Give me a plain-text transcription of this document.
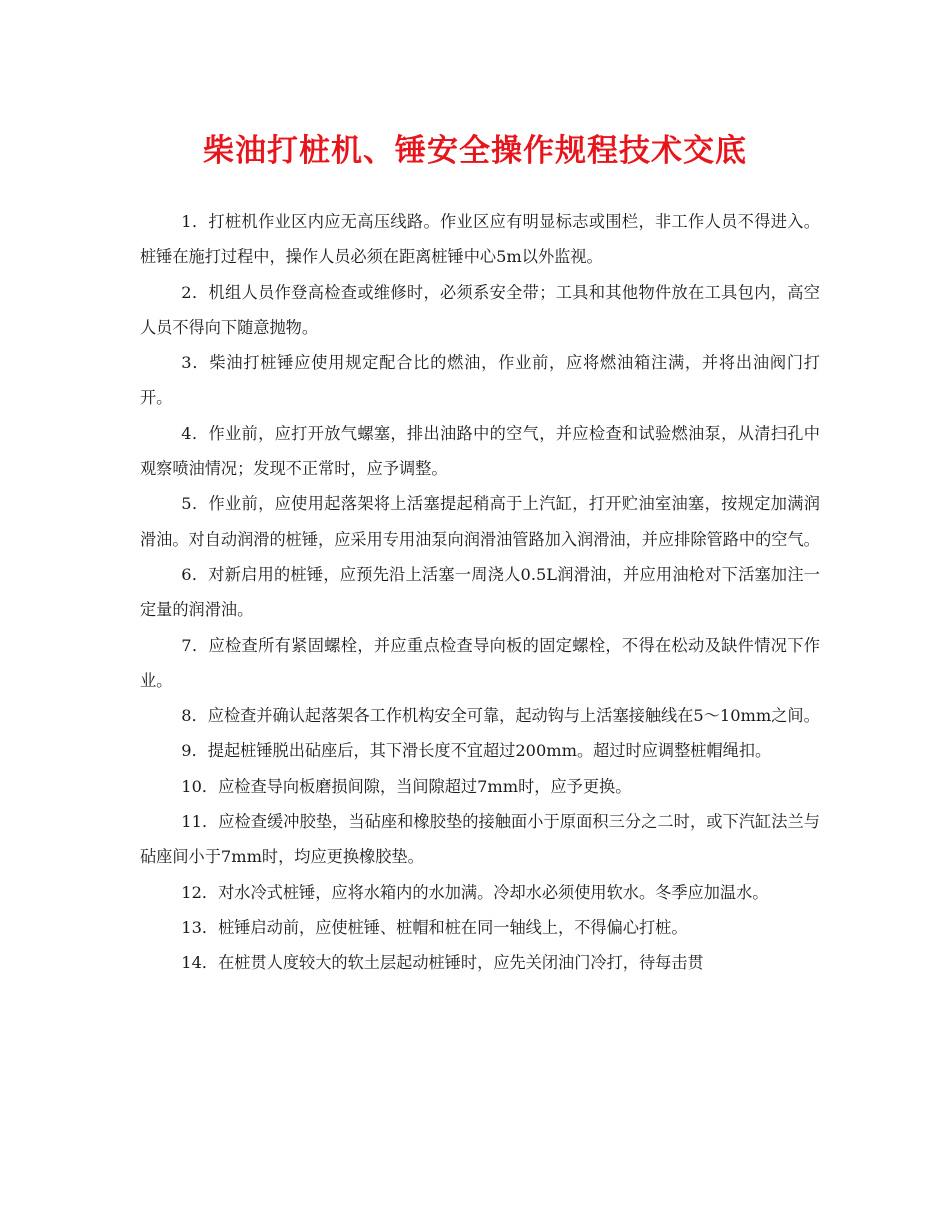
柴油打桩机、锤安全操作规程技术交底

1．打桩机作业区内应无高压线路。作业区应有明显标志或围栏，非工作人员不得进入。桩锤在施打过程中，操作人员必须在距离桩锤中心5m以外监视。

2．机组人员作登高检查或维修时，必须系安全带；工具和其他物件放在工具包内，高空人员不得向下随意抛物。

3．柴油打桩锤应使用规定配合比的燃油，作业前，应将燃油箱注满，并将出油阀门打开。

4．作业前，应打开放气螺塞，排出油路中的空气，并应检查和试验燃油泵，从清扫孔中观察喷油情况；发现不正常时，应予调整。

5．作业前，应使用起落架将上活塞提起稍高于上汽缸，打开贮油室油塞，按规定加满润滑油。对自动润滑的桩锤，应采用专用油泵向润滑油管路加入润滑油，并应排除管路中的空气。

6．对新启用的桩锤，应预先沿上活塞一周浇人0.5L润滑油，并应用油枪对下活塞加注一定量的润滑油。

7．应检查所有紧固螺栓，并应重点检查导向板的固定螺栓，不得在松动及缺件情况下作业。

8．应检查并确认起落架各工作机构安全可靠，起动钩与上活塞接触线在5～10mm之间。

9．提起桩锤脱出砧座后，其下滑长度不宜超过200mm。超过时应调整桩帽绳扣。

10．应检查导向板磨损间隙，当间隙超过7mm时，应予更换。

11．应检查缓冲胶垫，当砧座和橡胶垫的接触面小于原面积三分之二时，或下汽缸法兰与砧座间小于7mm时，均应更换橡胶垫。

12．对水冷式桩锤，应将水箱内的水加满。冷却水必须使用软水。冬季应加温水。

13．桩锤启动前，应使桩锤、桩帽和桩在同一轴线上，不得偏心打桩。

14．在桩贯人度较大的软土层起动桩锤时，应先关闭油门冷打，待每击贯
